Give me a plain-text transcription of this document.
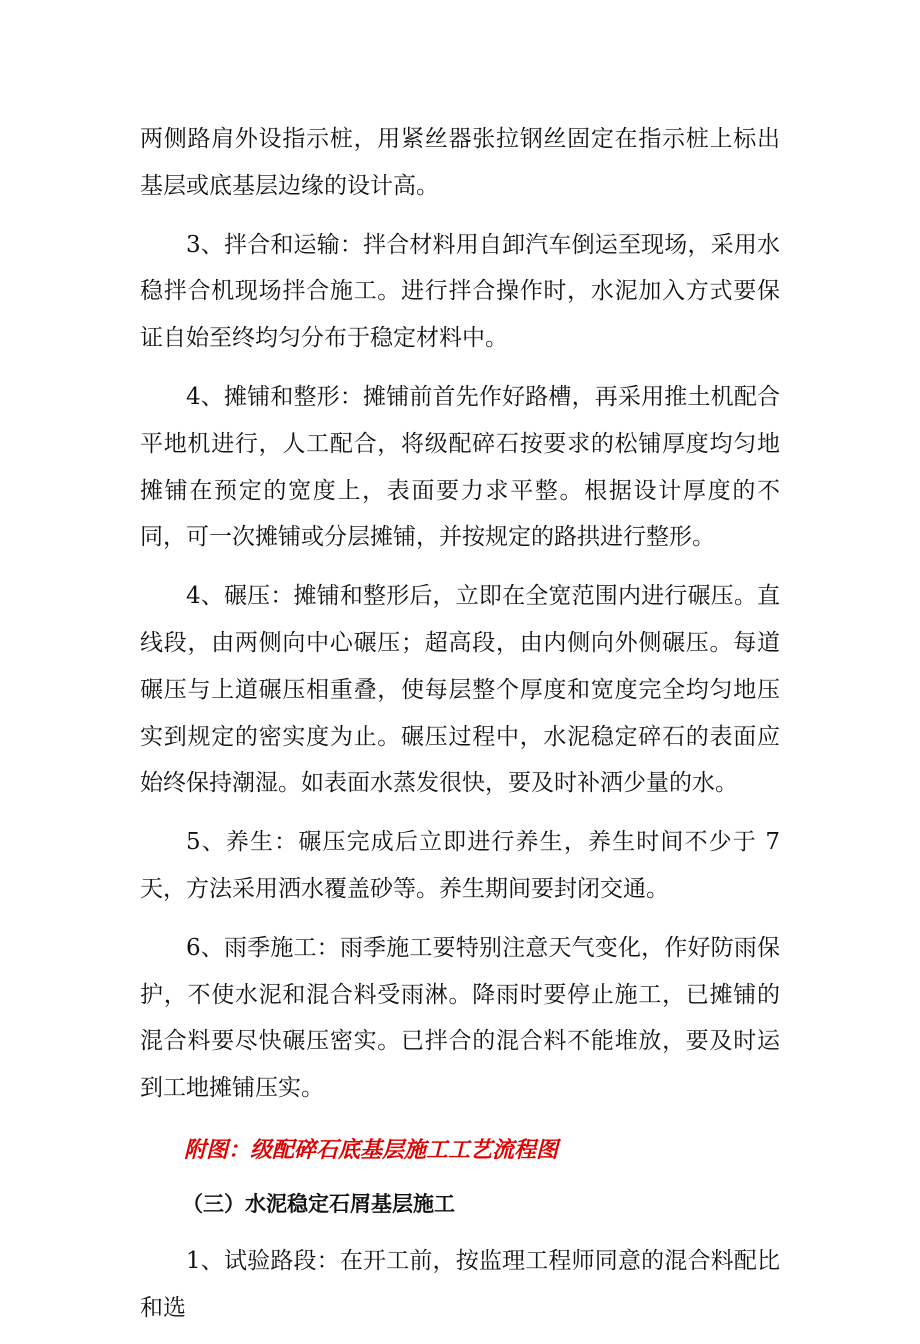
两侧路肩外设指示桩，用紧丝器张拉钢丝固定在指示桩上标出基层或底基层边缘的设计高。

3、拌合和运输：拌合材料用自卸汽车倒运至现场，采用水稳拌合机现场拌合施工。进行拌合操作时，水泥加入方式要保证自始至终均匀分布于稳定材料中。

4、摊铺和整形：摊铺前首先作好路槽，再采用推土机配合平地机进行，人工配合，将级配碎石按要求的松铺厚度均匀地摊铺在预定的宽度上，表面要力求平整。根据设计厚度的不同，可一次摊铺或分层摊铺，并按规定的路拱进行整形。

4、碾压：摊铺和整形后，立即在全宽范围内进行碾压。直线段，由两侧向中心碾压；超高段，由内侧向外侧碾压。每道碾压与上道碾压相重叠，使每层整个厚度和宽度完全均匀地压实到规定的密实度为止。碾压过程中，水泥稳定碎石的表面应始终保持潮湿。如表面水蒸发很快，要及时补洒少量的水。

5、养生：碾压完成后立即进行养生，养生时间不少于 7 天，方法采用洒水覆盖砂等。养生期间要封闭交通。

6、雨季施工：雨季施工要特别注意天气变化，作好防雨保护，不使水泥和混合料受雨淋。降雨时要停止施工，已摊铺的混合料要尽快碾压密实。已拌合的混合料不能堆放，要及时运到工地摊铺压实。

附图：级配碎石底基层施工工艺流程图

（三）水泥稳定石屑基层施工

1、试验路段：在开工前，按监理工程师同意的混合料配比和选
